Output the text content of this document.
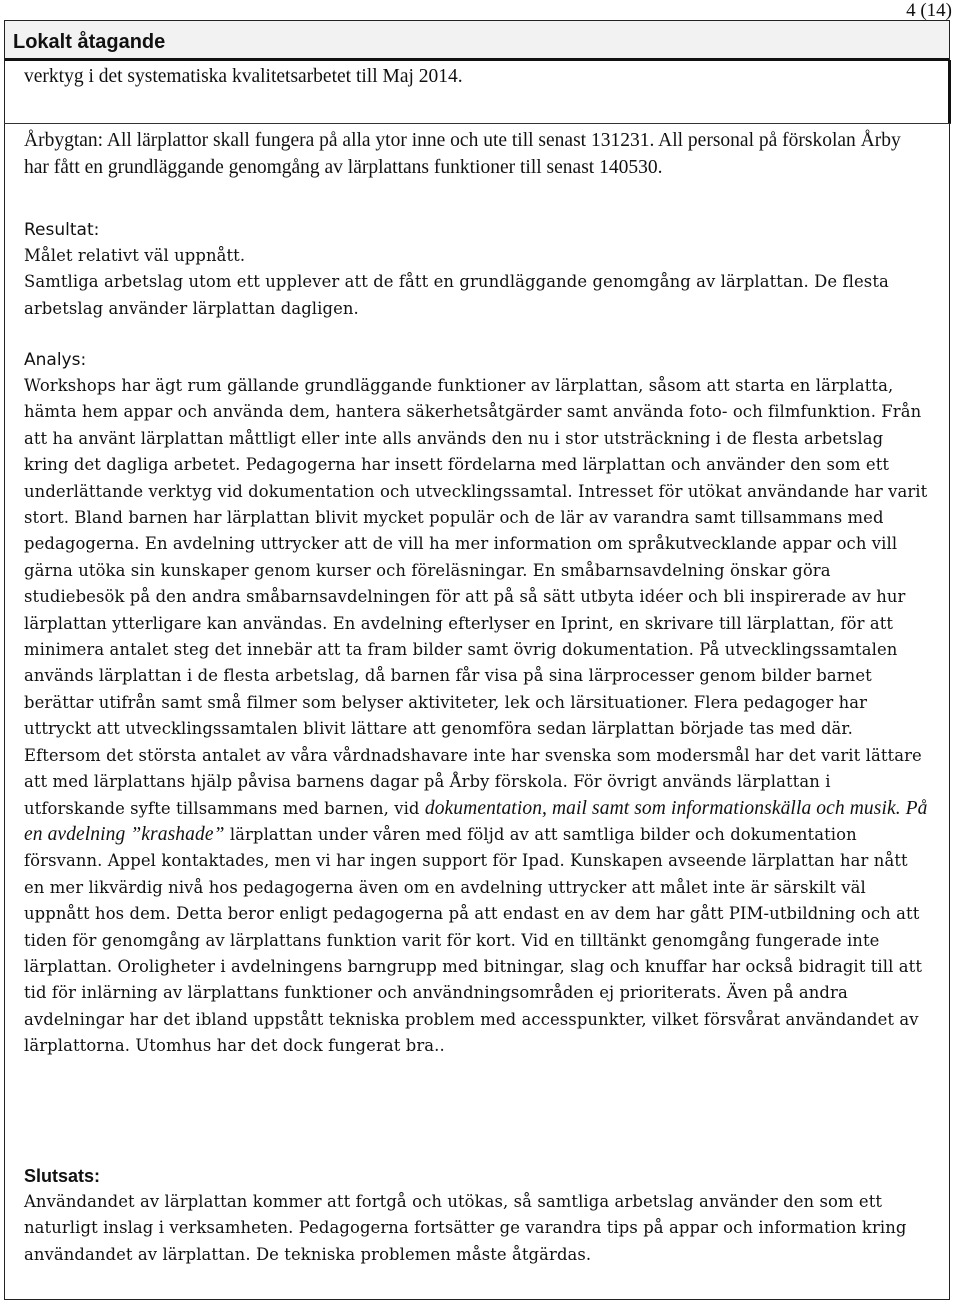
4 (14)
Lokalt åtagande
verktyg i det systematiska kvalitetsarbetet till Maj 2014.
Årbygtan: All lärplattor skall fungera på alla ytor inne och ute till senast 131231. All personal på förskolan Årby har fått en grundläggande genomgång av lärplattans funktioner till senast 140530.

Resultat:

Målet relativt väl uppnått.

Samtliga arbetslag utom ett upplever att de fått en grundläggande genomgång av lärplattan. De flesta arbetslag använder lärplattan dagligen.

Analys:

Workshops har ägt rum gällande grundläggande funktioner av lärplattan, såsom att starta en lärplatta, hämta hem appar och använda dem, hantera säkerhetsåtgärder samt använda foto- och filmfunktion. Från att ha använt lärplattan måttligt eller inte alls används den nu i stor utsträckning i de flesta arbetslag kring det dagliga arbetet. Pedagogerna har insett fördelarna med lärplattan och använder den som ett underlättande verktyg vid dokumentation och utvecklingssamtal. Intresset för utökat användande har varit stort. Bland barnen har lärplattan blivit mycket populär och de lär av varandra samt tillsammans med pedagogerna. En avdelning uttrycker att de vill ha mer information om språkutvecklande appar och vill gärna utöka sin kunskaper genom kurser och föreläsningar. En småbarnsavdelning önskar göra studiebesök på den andra småbarnsavdelningen för att på så sätt utbyta idéer och bli inspirerade av hur lärplattan ytterligare kan användas. En avdelning efterlyser en Iprint, en skrivare till lärplattan, för att minimera antalet steg det innebär att ta fram bilder samt övrig dokumentation. På utvecklingssamtalen används lärplattan i de flesta arbetslag, då barnen får visa på sina lärprocesser genom bilder barnet berättar utifrån samt små filmer som belyser aktiviteter, lek och lärsituationer. Flera pedagoger har uttryckt att utvecklingssamtalen blivit lättare att genomföra sedan lärplattan började tas med där. Eftersom det största antalet av våra vårdnadshavare inte har svenska som modersmål har det varit lättare att med lärplattans hjälp påvisa barnens dagar på Årby förskola. För övrigt används lärplattan i utforskande syfte tillsammans med barnen, vid dokumentation, mail samt som informationskälla och musik. På en avdelning ”krashade” lärplattan under våren med följd av att samtliga bilder och dokumentation försvann. Appel kontaktades, men vi har ingen support för Ipad. Kunskapen avseende lärplattan har nått en mer likvärdig nivå hos pedagogerna även om en avdelning uttrycker att målet inte är särskilt väl uppnått hos dem. Detta beror enligt pedagogerna på att endast en av dem har gått PIM-utbildning och att tiden för genomgång av lärplattans funktion varit för kort. Vid en tilltänkt genomgång fungerade inte lärplattan. Oroligheter i avdelningens barngrupp med bitningar, slag och knuffar har också bidragit till att tid för inlärning av lärplattans funktioner och användningsområden ej prioriterats. Även på andra avdelningar har det ibland uppstått tekniska problem med accesspunkter, vilket försvårat användandet av lärplattorna. Utomhus har det dock fungerat bra..

Slutsats:

Användandet av lärplattan kommer att fortgå och utökas, så samtliga arbetslag använder den som ett naturligt inslag i verksamheten. Pedagogerna fortsätter ge varandra tips på appar och information kring användandet av lärplattan. De tekniska problemen måste åtgärdas.
